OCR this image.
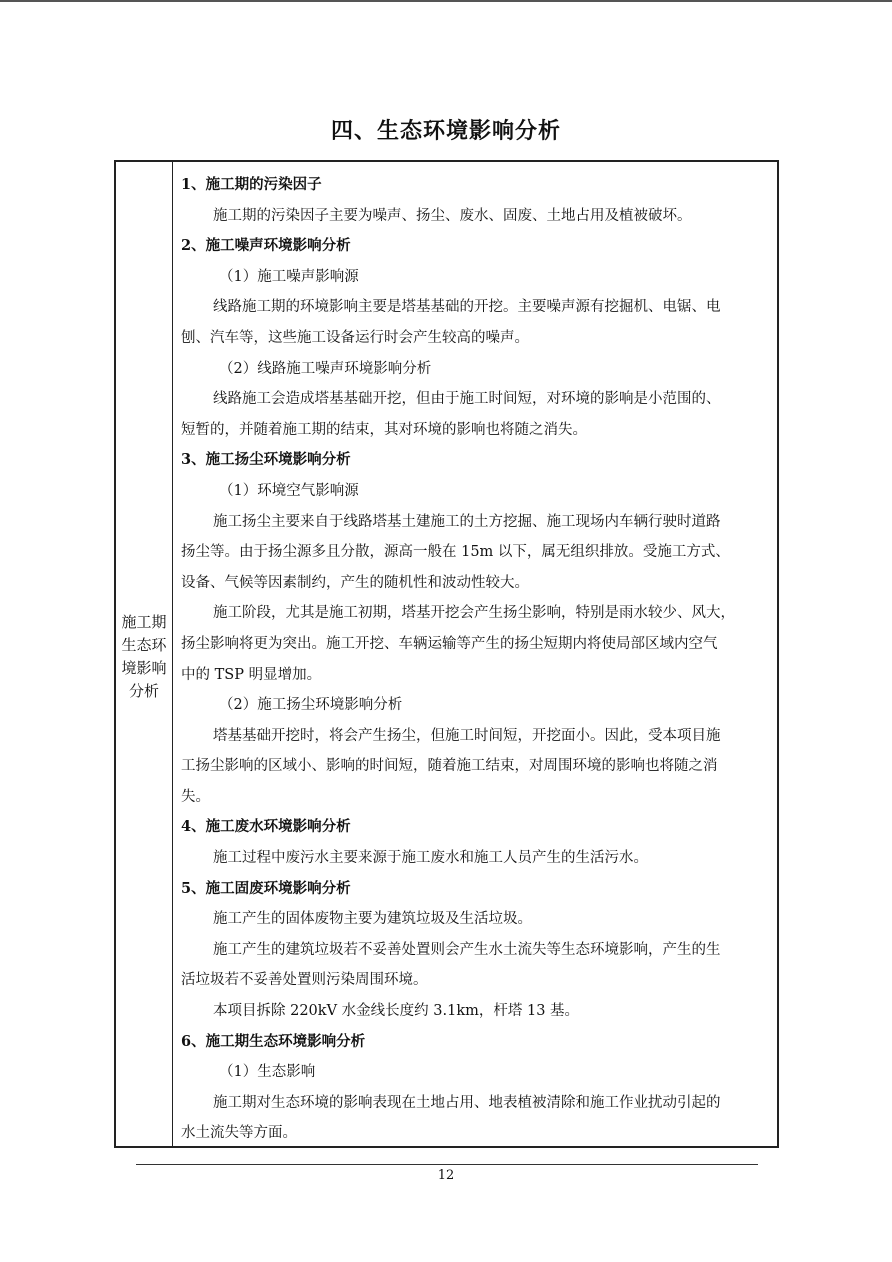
四、生态环境影响分析
施工期
生态环
境影响
分析
1、施工期的污染因子
施工期的污染因子主要为噪声、扬尘、废水、固废、土地占用及植被破坏。
2、施工噪声环境影响分析
（1）施工噪声影响源
线路施工期的环境影响主要是塔基基础的开挖。主要噪声源有挖掘机、电锯、电
刨、汽车等，这些施工设备运行时会产生较高的噪声。
（2）线路施工噪声环境影响分析
线路施工会造成塔基基础开挖，但由于施工时间短，对环境的影响是小范围的、
短暂的，并随着施工期的结束，其对环境的影响也将随之消失。
3、施工扬尘环境影响分析
（1）环境空气影响源
施工扬尘主要来自于线路塔基土建施工的土方挖掘、施工现场内车辆行驶时道路
扬尘等。由于扬尘源多且分散，源高一般在 15m 以下，属无组织排放。受施工方式、
设备、气候等因素制约，产生的随机性和波动性较大。
施工阶段，尤其是施工初期，塔基开挖会产生扬尘影响，特别是雨水较少、风大，
扬尘影响将更为突出。施工开挖、车辆运输等产生的扬尘短期内将使局部区域内空气
中的 TSP 明显增加。
（2）施工扬尘环境影响分析
塔基基础开挖时，将会产生扬尘，但施工时间短，开挖面小。因此，受本项目施
工扬尘影响的区域小、影响的时间短，随着施工结束，对周围环境的影响也将随之消
失。
4、施工废水环境影响分析
施工过程中废污水主要来源于施工废水和施工人员产生的生活污水。
5、施工固废环境影响分析
施工产生的固体废物主要为建筑垃圾及生活垃圾。
施工产生的建筑垃圾若不妥善处置则会产生水土流失等生态环境影响，产生的生
活垃圾若不妥善处置则污染周围环境。
本项目拆除 220kV 水金线长度约 3.1km，杆塔 13 基。
6、施工期生态环境影响分析
（1）生态影响
施工期对生态环境的影响表现在土地占用、地表植被清除和施工作业扰动引起的
水土流失等方面。
12
